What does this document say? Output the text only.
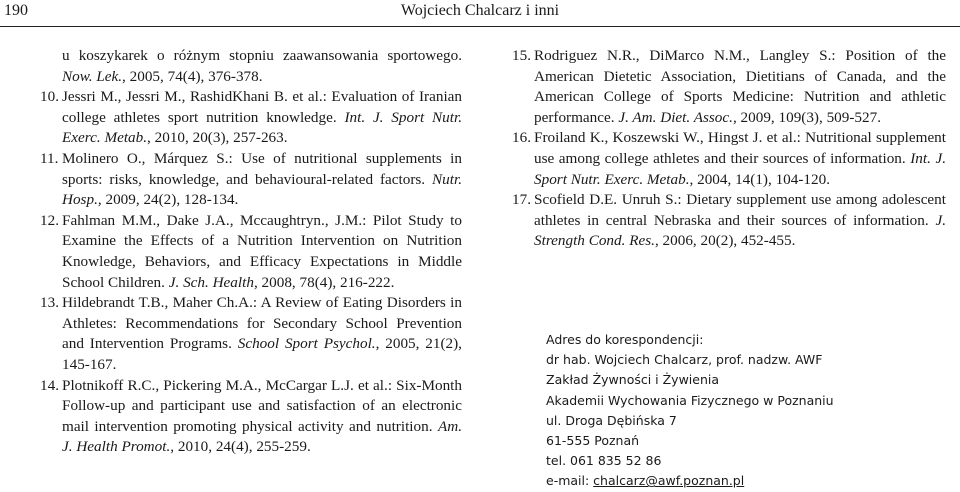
190	Wojciech Chalcarz i inni

u koszykarek o różnym stopniu zaawansowania sportowego. Now. Lek., 2005, 74(4), 376-378.

10. Jessri M., Jessri M., RashidKhani B. et al.: Evaluation of Iranian college athletes sport nutrition knowledge. Int. J. Sport Nutr. Exerc. Metab., 2010, 20(3), 257-263.

11. Molinero O., Márquez S.: Use of nutritional supplements in sports: risks, knowledge, and behavioural-related factors. Nutr. Hosp., 2009, 24(2), 128-134.

12. Fahlman M.M., Dake J.A., Mccaughtryn., J.M.: Pilot Study to Examine the Effects of a Nutrition Intervention on Nutrition Knowledge, Behaviors, and Efficacy Expectations in Middle School Children. J. Sch. Health, 2008, 78(4), 216-222.

13. Hildebrandt T.B., Maher Ch.A.: A Review of Eating Disorders in Athletes: Recommendations for Secondary School Prevention and Intervention Programs. School Sport Psychol., 2005, 21(2), 145-167.

14. Plotnikoff R.C., Pickering M.A., McCargar L.J. et al.: Six-Month Follow-up and participant use and satisfaction of an electronic mail intervention promoting physical activity and nutrition. Am. J. Health Promot., 2010, 24(4), 255-259.

15. Rodriguez N.R., DiMarco N.M., Langley S.: Position of the American Dietetic Association, Dietitians of Canada, and the American College of Sports Medicine: Nutrition and athletic performance. J. Am. Diet. Assoc., 2009, 109(3), 509-527.

16. Froiland K., Koszewski W., Hingst J. et al.: Nutritional supplement use among college athletes and their sources of information. Int. J. Sport Nutr. Exerc. Metab., 2004, 14(1), 104-120.

17. Scofield D.E. Unruh S.: Dietary supplement use among adolescent athletes in central Nebraska and their sources of information. J. Strength Cond. Res., 2006, 20(2), 452-455.

Adres do korespondencji:
dr hab. Wojciech Chalcarz, prof. nadzw. AWF
Zakład Żywności i Żywienia
Akademii Wychowania Fizycznego w Poznaniu
ul. Droga Dębińska 7
61-555 Poznań
tel. 061 835 52 86
e-mail: chalcarz@awf.poznan.pl
